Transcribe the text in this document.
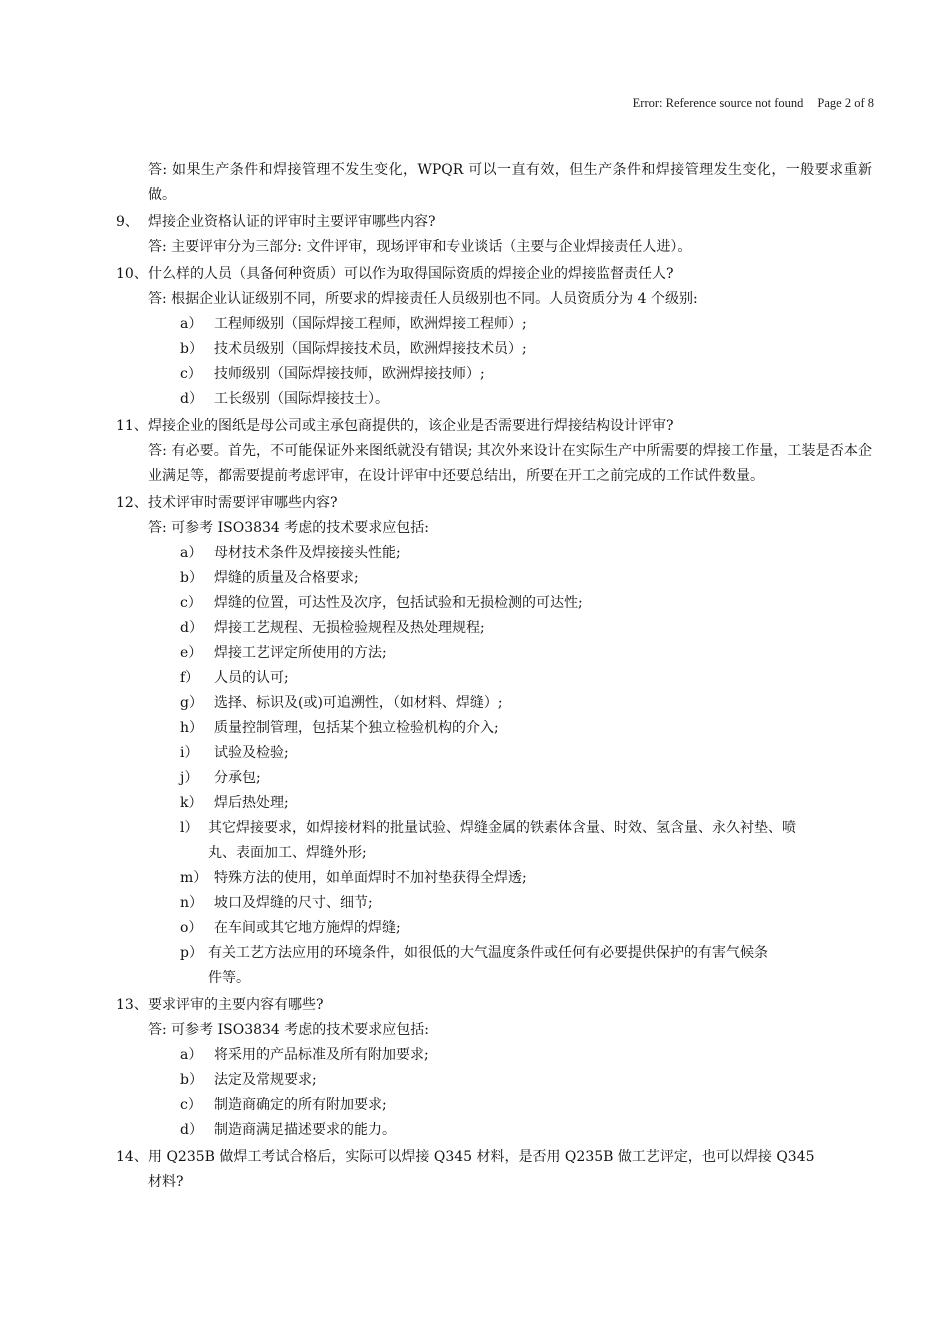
Error: Reference source not found Page 2 of 8
答: 如果生产条件和焊接管理不发生变化，WPQR 可以一直有效，但生产条件和焊接管理发生变化，一般要求重新做。
9、 焊接企业资格认证的评审时主要评审哪些内容?
答: 主要评审分为三部分: 文件评审，现场评审和专业谈话（主要与企业焊接责任人进）。
10、什么样的人员（具备何种资质）可以作为取得国际资质的焊接企业的焊接监督责任人?
答: 根据企业认证级别不同，所要求的焊接责任人员级别也不同。人员资质分为 4 个级别:
a） 工程师级别（国际焊接工程师，欧洲焊接工程师）;
b） 技术员级别（国际焊接技术员，欧洲焊接技术员）;
c） 技师级别（国际焊接技师，欧洲焊接技师）;
d） 工长级别（国际焊接技士）。
11、焊接企业的图纸是母公司或主承包商提供的，该企业是否需要进行焊接结构设计评审?
答: 有必要。首先，不可能保证外来图纸就没有错误; 其次外来设计在实际生产中所需要的焊接工作量，工装是否本企业满足等，都需要提前考虑评审，在设计评审中还要总结出，所要在开工之前完成的工作试件数量。
12、技术评审时需要评审哪些内容?
答: 可参考 ISO3834 考虑的技术要求应包括:
a） 母材技术条件及焊接接头性能;
b） 焊缝的质量及合格要求;
c） 焊缝的位置，可达性及次序，包括试验和无损检测的可达性;
d） 焊接工艺规程、无损检验规程及热处理规程;
e） 焊接工艺评定所使用的方法;
f） 人员的认可;
g） 选择、标识及(或)可追溯性，（如材料、焊缝）;
h） 质量控制管理，包括某个独立检验机构的介入;
i） 试验及检验;
j） 分承包;
k） 焊后热处理;
l） 其它焊接要求，如焊接材料的批量试验、焊缝金属的铁素体含量、时效、氢含量、永久衬垫、喷
丸、表面加工、焊缝外形;
m） 特殊方法的使用，如单面焊时不加衬垫获得全焊透;
n） 坡口及焊缝的尺寸、细节;
o） 在车间或其它地方施焊的焊缝;
p） 有关工艺方法应用的环境条件，如很低的大气温度条件或任何有必要提供保护的有害气候条
件等。
13、要求评审的主要内容有哪些?
答: 可参考 ISO3834 考虑的技术要求应包括:
a） 将采用的产品标准及所有附加要求;
b） 法定及常规要求;
c） 制造商确定的所有附加要求;
d） 制造商满足描述要求的能力。
14、用 Q235B 做焊工考试合格后，实际可以焊接 Q345 材料，是否用 Q235B 做工艺评定，也可以焊接 Q345
材料?
